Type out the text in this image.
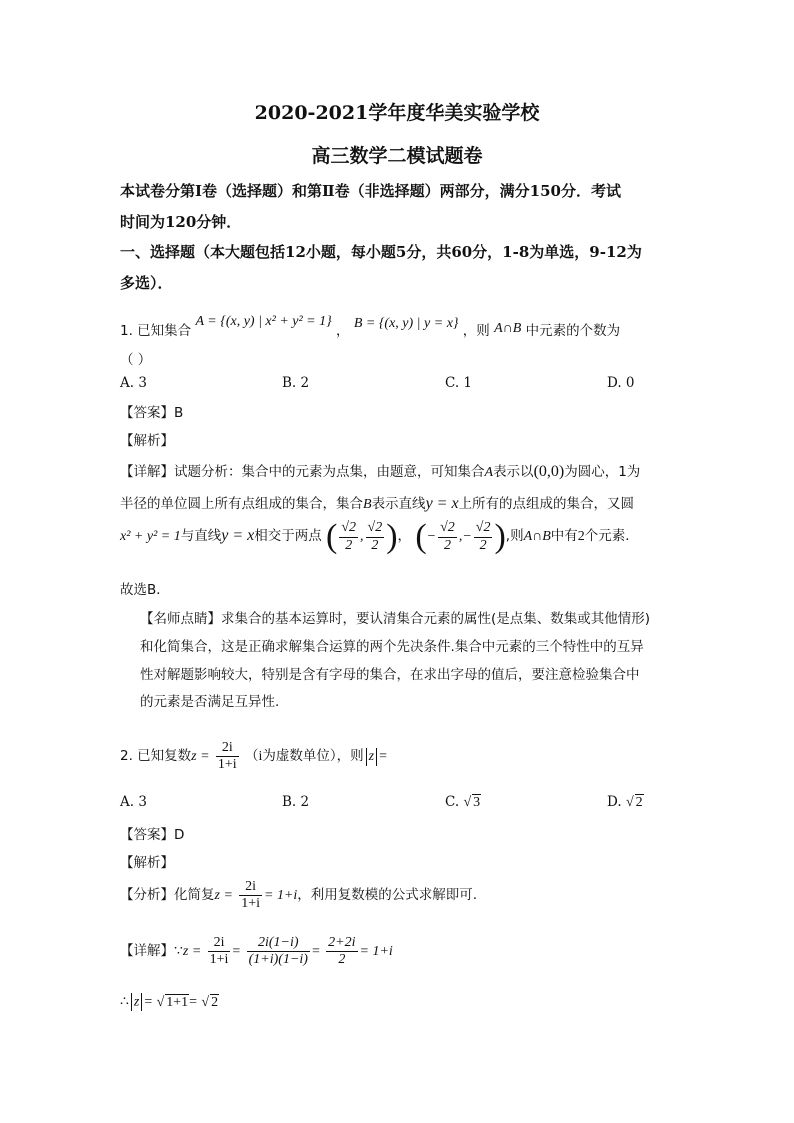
2020-2021学年度华美实验学校
高三数学二模试题卷
本试卷分第Ⅰ卷（选择题）和第Ⅱ卷（非选择题）两部分，满分150分．考试
时间为120分钟．
一、选择题（本大题包括12小题，每小题5分，共60分，1-8为单选，9-12为
多选）．
1. 已知集合 A = {(x, y) | x² + y² = 1} ， B = {(x, y) | y = x} ，则 A∩B 中元素的个数为
（ ）
A. 3	B. 2	C. 1	D. 0
【答案】B
【解析】
【详解】试题分析：集合中的元素为点集，由题意，可知集合A表示以(0,0)为圆心，1为
半径的单位圆上所有点组成的集合，集合B表示直线y = x上所有的点组成的集合，又圆
x² + y² = 1与直线y = x相交于两点 ( $\frac{√2}{2}$ , $\frac{√2}{2}$ )， (− $\frac{√2}{2}$ ,− $\frac{√2}{2}$ ),则A∩B中有2个元素．
故选B．
【名师点睛】求集合的基本运算时，要认清集合元素的属性(是点集、数集或其他情形)
和化简集合，这是正确求解集合运算的两个先决条件.集合中元素的三个特性中的互异
性对解题影响较大，特别是含有字母的集合，在求出字母的值后，要注意检验集合中
的元素是否满足互异性.
2. 已知复数$z = \frac{2i}{1+i} (i$为虚数单位），则 z =
A. 3	B. 2	C. √ 3	D. √ 2
【答案】D
【解析】
【分析】化简复$z = \frac{2i}{1+i} = 1+i$，利用复数模的公式求解即可.
【详解】∵z = $\frac{2i}{1+i} = \frac{2i(1-i)}{(1+i)(1-i)} = \frac{2+2i}{2} = 1+i$
∴ z = √ 1+1= √ 2
